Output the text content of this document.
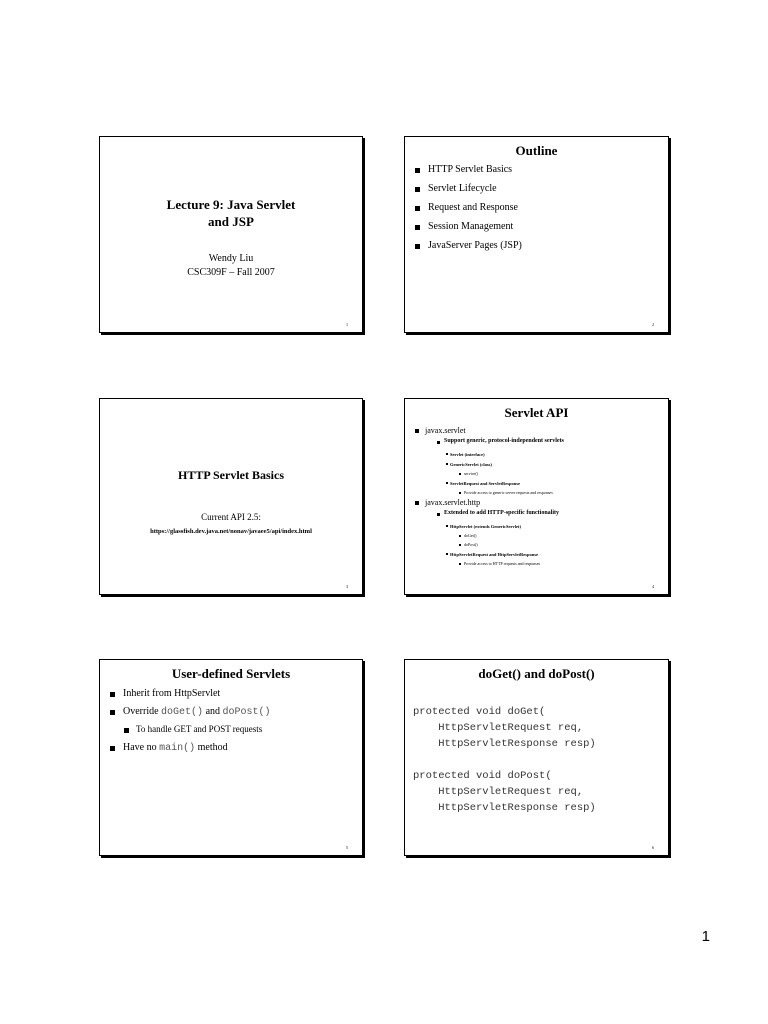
Lecture 9: Java Servlet
and JSP
Wendy Liu
CSC309F – Fall 2007
1
Outline
HTTP Servlet Basics
Servlet Lifecycle
Request and Response
Session Management
JavaServer Pages (JSP)
2
HTTP Servlet Basics
Current API 2.5:
https://glassfish.dev.java.net/nonav/javaee5/api/index.html
3
Servlet API
javax.servlet
Support generic, protocol-independent servlets
Servlet (interface)
GenericServlet (class)
service()
ServletRequest and ServletResponse
Provide access to generic server requests and responses
javax.servlet.http
Extended to add HTTP-specific functionality
HttpServlet (extends GenericServlet)
doGet()
doPost()
HttpServletRequest and HttpServletResponse
Provide access to HTTP requests and responses
4
User-defined Servlets
Inherit from HttpServlet
Override doGet() and doPost()
To handle GET and POST requests
Have no main() method
5
doGet() and doPost()
protected void doGet(
HttpServletRequest req,
HttpServletResponse resp)

protected void doPost(
HttpServletRequest req,
HttpServletResponse resp)
6
1
